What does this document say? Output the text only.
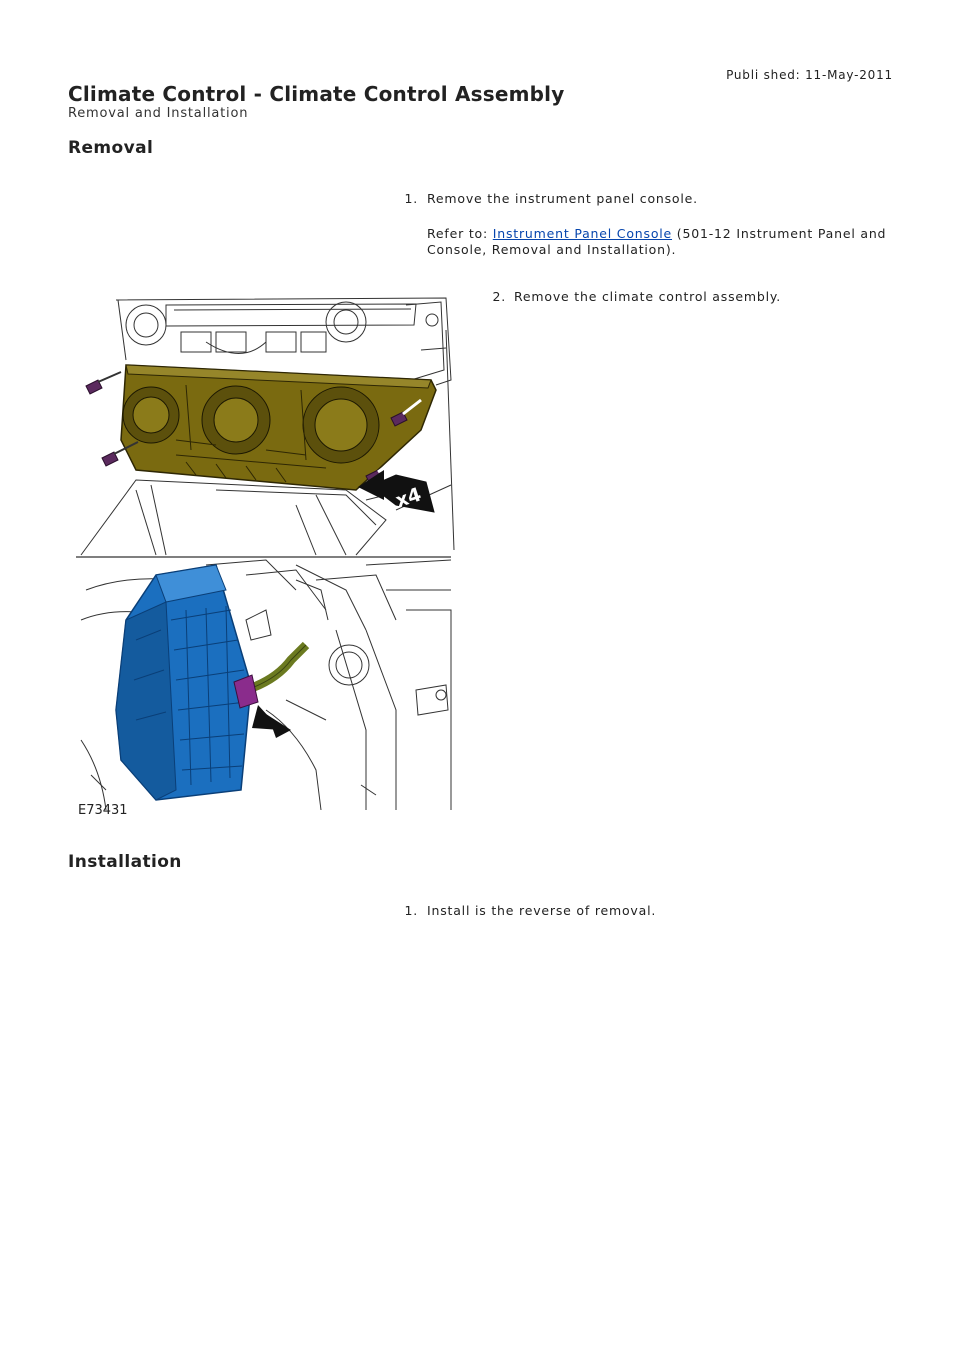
Publi shed: 11-May-2011
Climate Control - Climate Control Assembly
Removal and Installation
Removal
1. Remove the instrument panel console.
Refer to: Instrument Panel Console (501-12 Instrument Panel and
Console, Removal and Installation).
2. Remove the climate control assembly.
x4
E73431
Installation
1. Install is the reverse of removal.
